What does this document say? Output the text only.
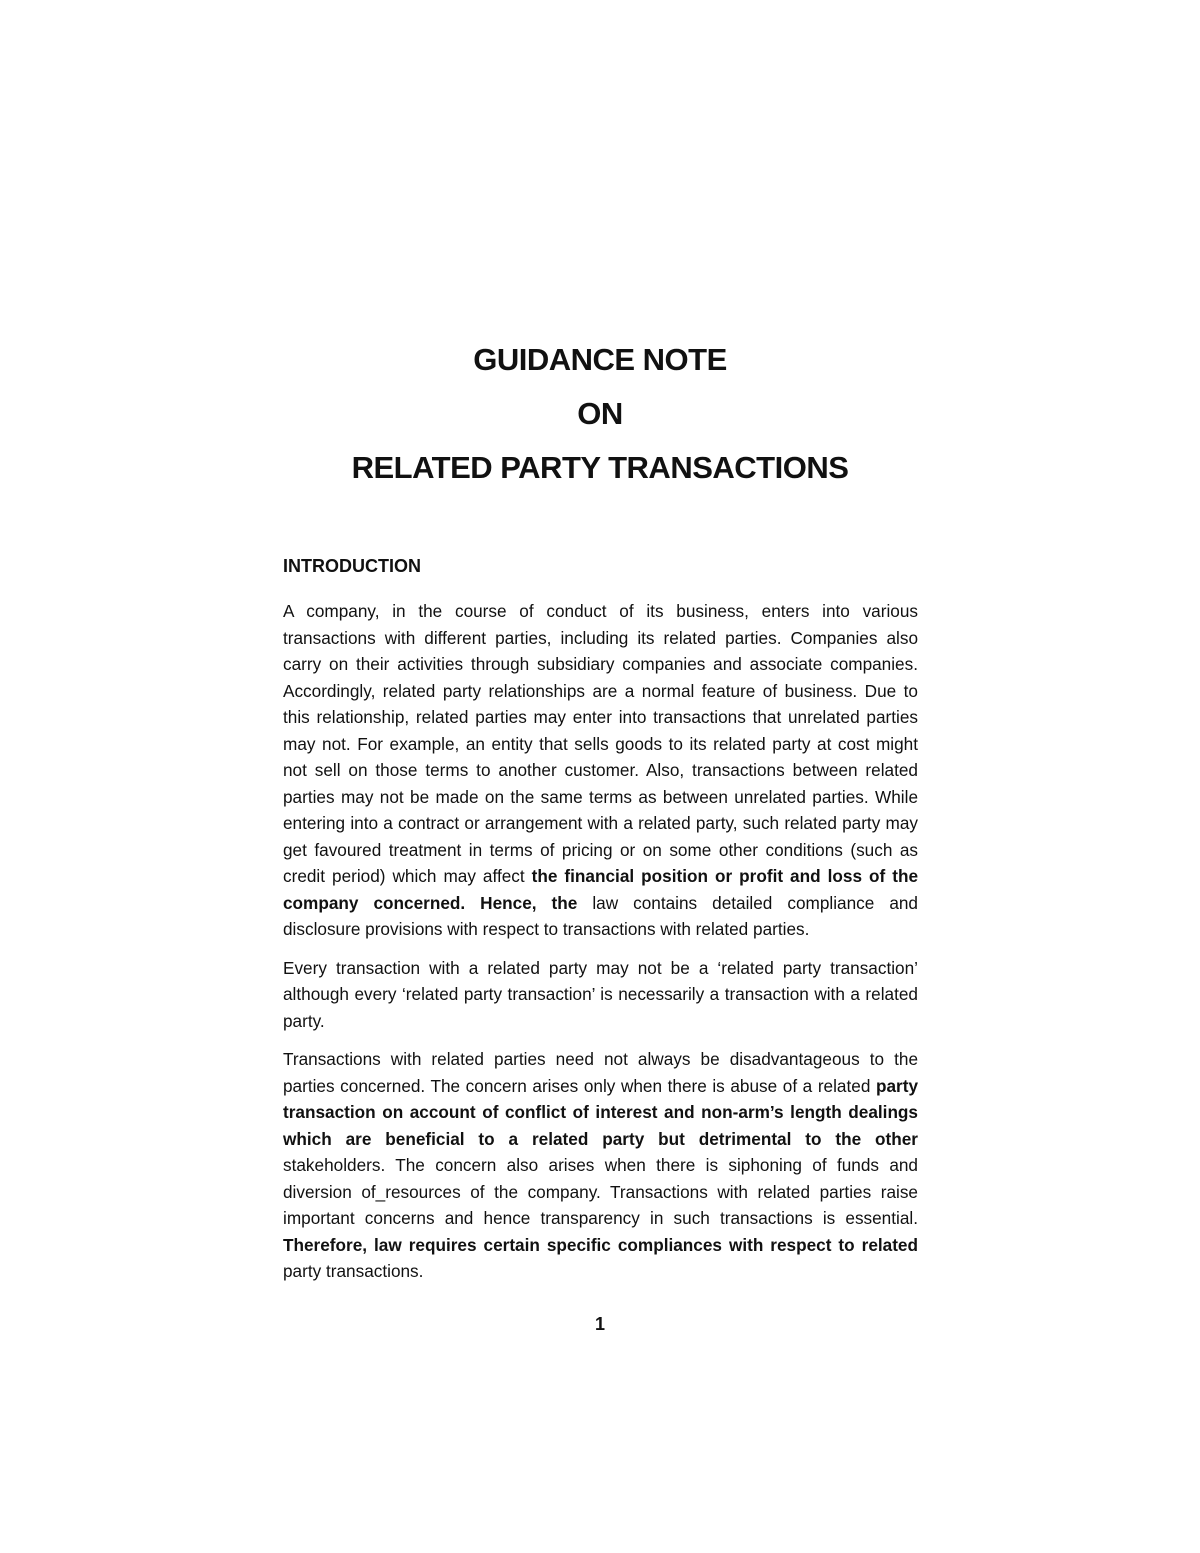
GUIDANCE NOTE
ON
RELATED PARTY TRANSACTIONS
INTRODUCTION

A company, in the course of conduct of its business, enters into various transactions with different parties, including its related parties. Companies also carry on their activities through subsidiary companies and associate companies. Accordingly, related party relationships are a normal feature of business. Due to this relationship, related parties may enter into transactions that unrelated parties may not. For example, an entity that sells goods to its related party at cost might not sell on those terms to another customer. Also, transactions between related parties may not be made on the same terms as between unrelated parties. While entering into a contract or arrangement with a related party, such related party may get favoured treatment in terms of pricing or on some other conditions (such as credit period) which may affect the financial position or profit and loss of the company concerned. Hence, the law contains detailed compliance and disclosure provisions with respect to transactions with related parties.

Every transaction with a related party may not be a ‘related party transaction’ although every ‘related party transaction’ is necessarily a transaction with a related party.

Transactions with related parties need not always be disadvantageous to the parties concerned. The concern arises only when there is abuse of a related party transaction on account of conflict of interest and non-arm’s length dealings which are beneficial to a related party but detrimental to the other stakeholders. The concern also arises when there is siphoning of funds and diversion of_resources of the company. Transactions with related parties raise important concerns and hence transparency in such transactions is essential. Therefore, law requires certain specific compliances with respect to related party transactions.

1
